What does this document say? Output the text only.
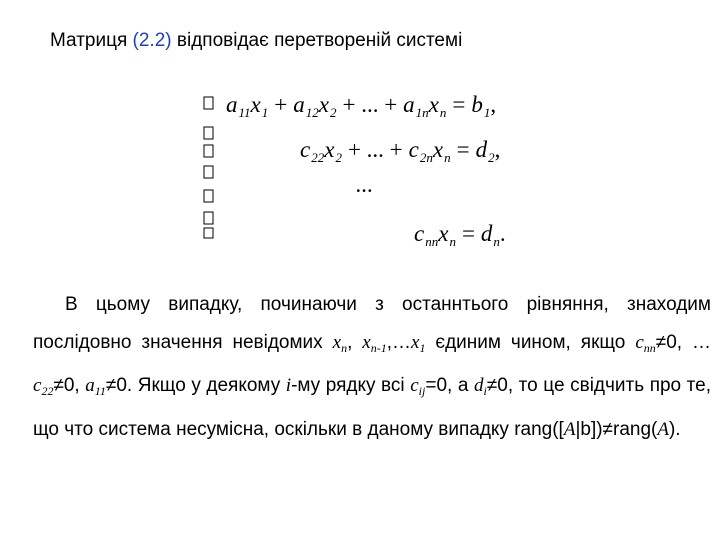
Матриця (2.2) відповідає перетвореній системі
$a_{11}x_1 + a_{12}x_2$ + ... + $a_{1n}x_n = b_1$,
$c_{22}x_2$ + ... + $c_{2n}x_n = d_2$,
...
$c_{nn}x_n = d_n$.
В цьому випадку, починаючи з останнтього рівняння, знаходим послідовно значення невідомих $x_n$, $x_{n-1},\dots x_1$ єдиним чином, якщо $c_{nn}\ne 0$, … $c_{22}\ne 0$, $a_{11}\ne 0$. Якщо у деякому i-му рядку всі $c_{ij}=0$, а $d_i\ne 0$, то це свідчить про те, що что система несумісна, оскільки в даному випадку rang([A|b])≠rang(A).
